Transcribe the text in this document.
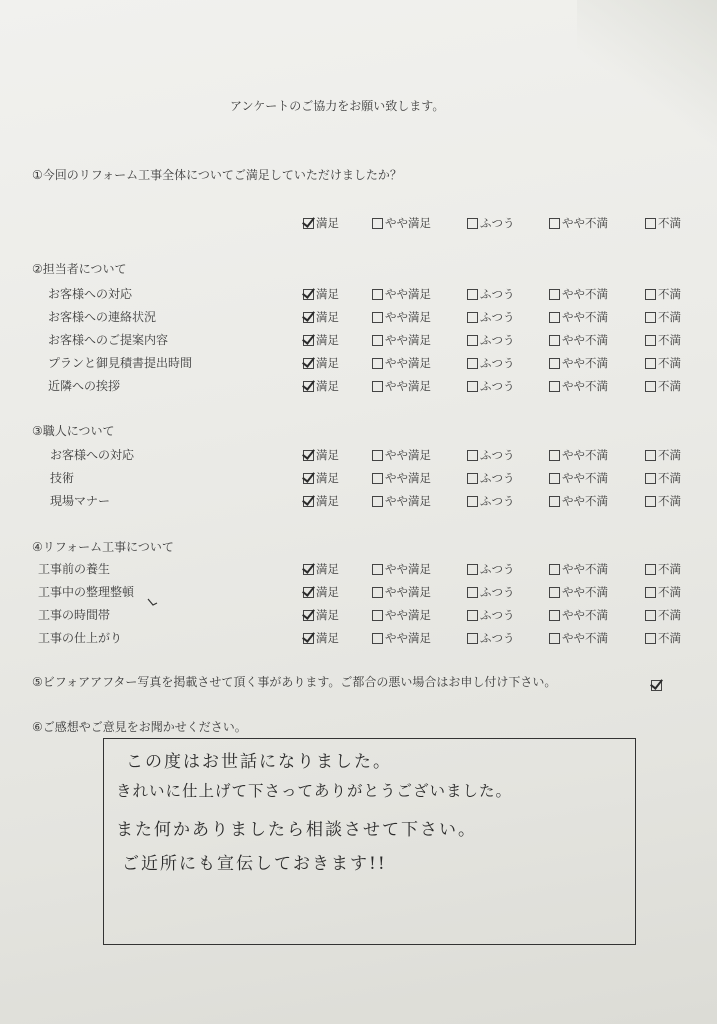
アンケートのご協力をお願い致します。
①今回のリフォーム工事全体についてご満足していただけましたか？
満足	やや満足	ふつう	やや不満	不満
②担当者について
お客様への対応	満足	やや満足	ふつう	やや不満	不満
お客様への連絡状況	満足	やや満足	ふつう	やや不満	不満
お客様へのご提案内容	満足	やや満足	ふつう	やや不満	不満
プランと御見積書提出時間	満足	やや満足	ふつう	やや不満	不満
近隣への挨拶	満足	やや満足	ふつう	やや不満	不満
③職人について
お客様への対応	満足	やや満足	ふつう	やや不満	不満
技術	満足	やや満足	ふつう	やや不満	不満
現場マナー	満足	やや満足	ふつう	やや不満	不満
④リフォーム工事について
工事前の養生	満足	やや満足	ふつう	やや不満	不満
工事中の整理整頓	満足	やや満足	ふつう	やや不満	不満
工事の時間帯	満足	やや満足	ふつう	やや不満	不満
工事の仕上がり	満足	やや満足	ふつう	やや不満	不満
⑤ビフォアアフター写真を掲載させて頂く事があります。ご都合の悪い場合はお申し付け下さい。
⑥ご感想やご意見をお聞かせください。
この度はお世話になりました。
きれいに仕上げて下さってありがとうございました。
また何かありましたら相談させて下さい。
ご近所にも宣伝しておきます!!
